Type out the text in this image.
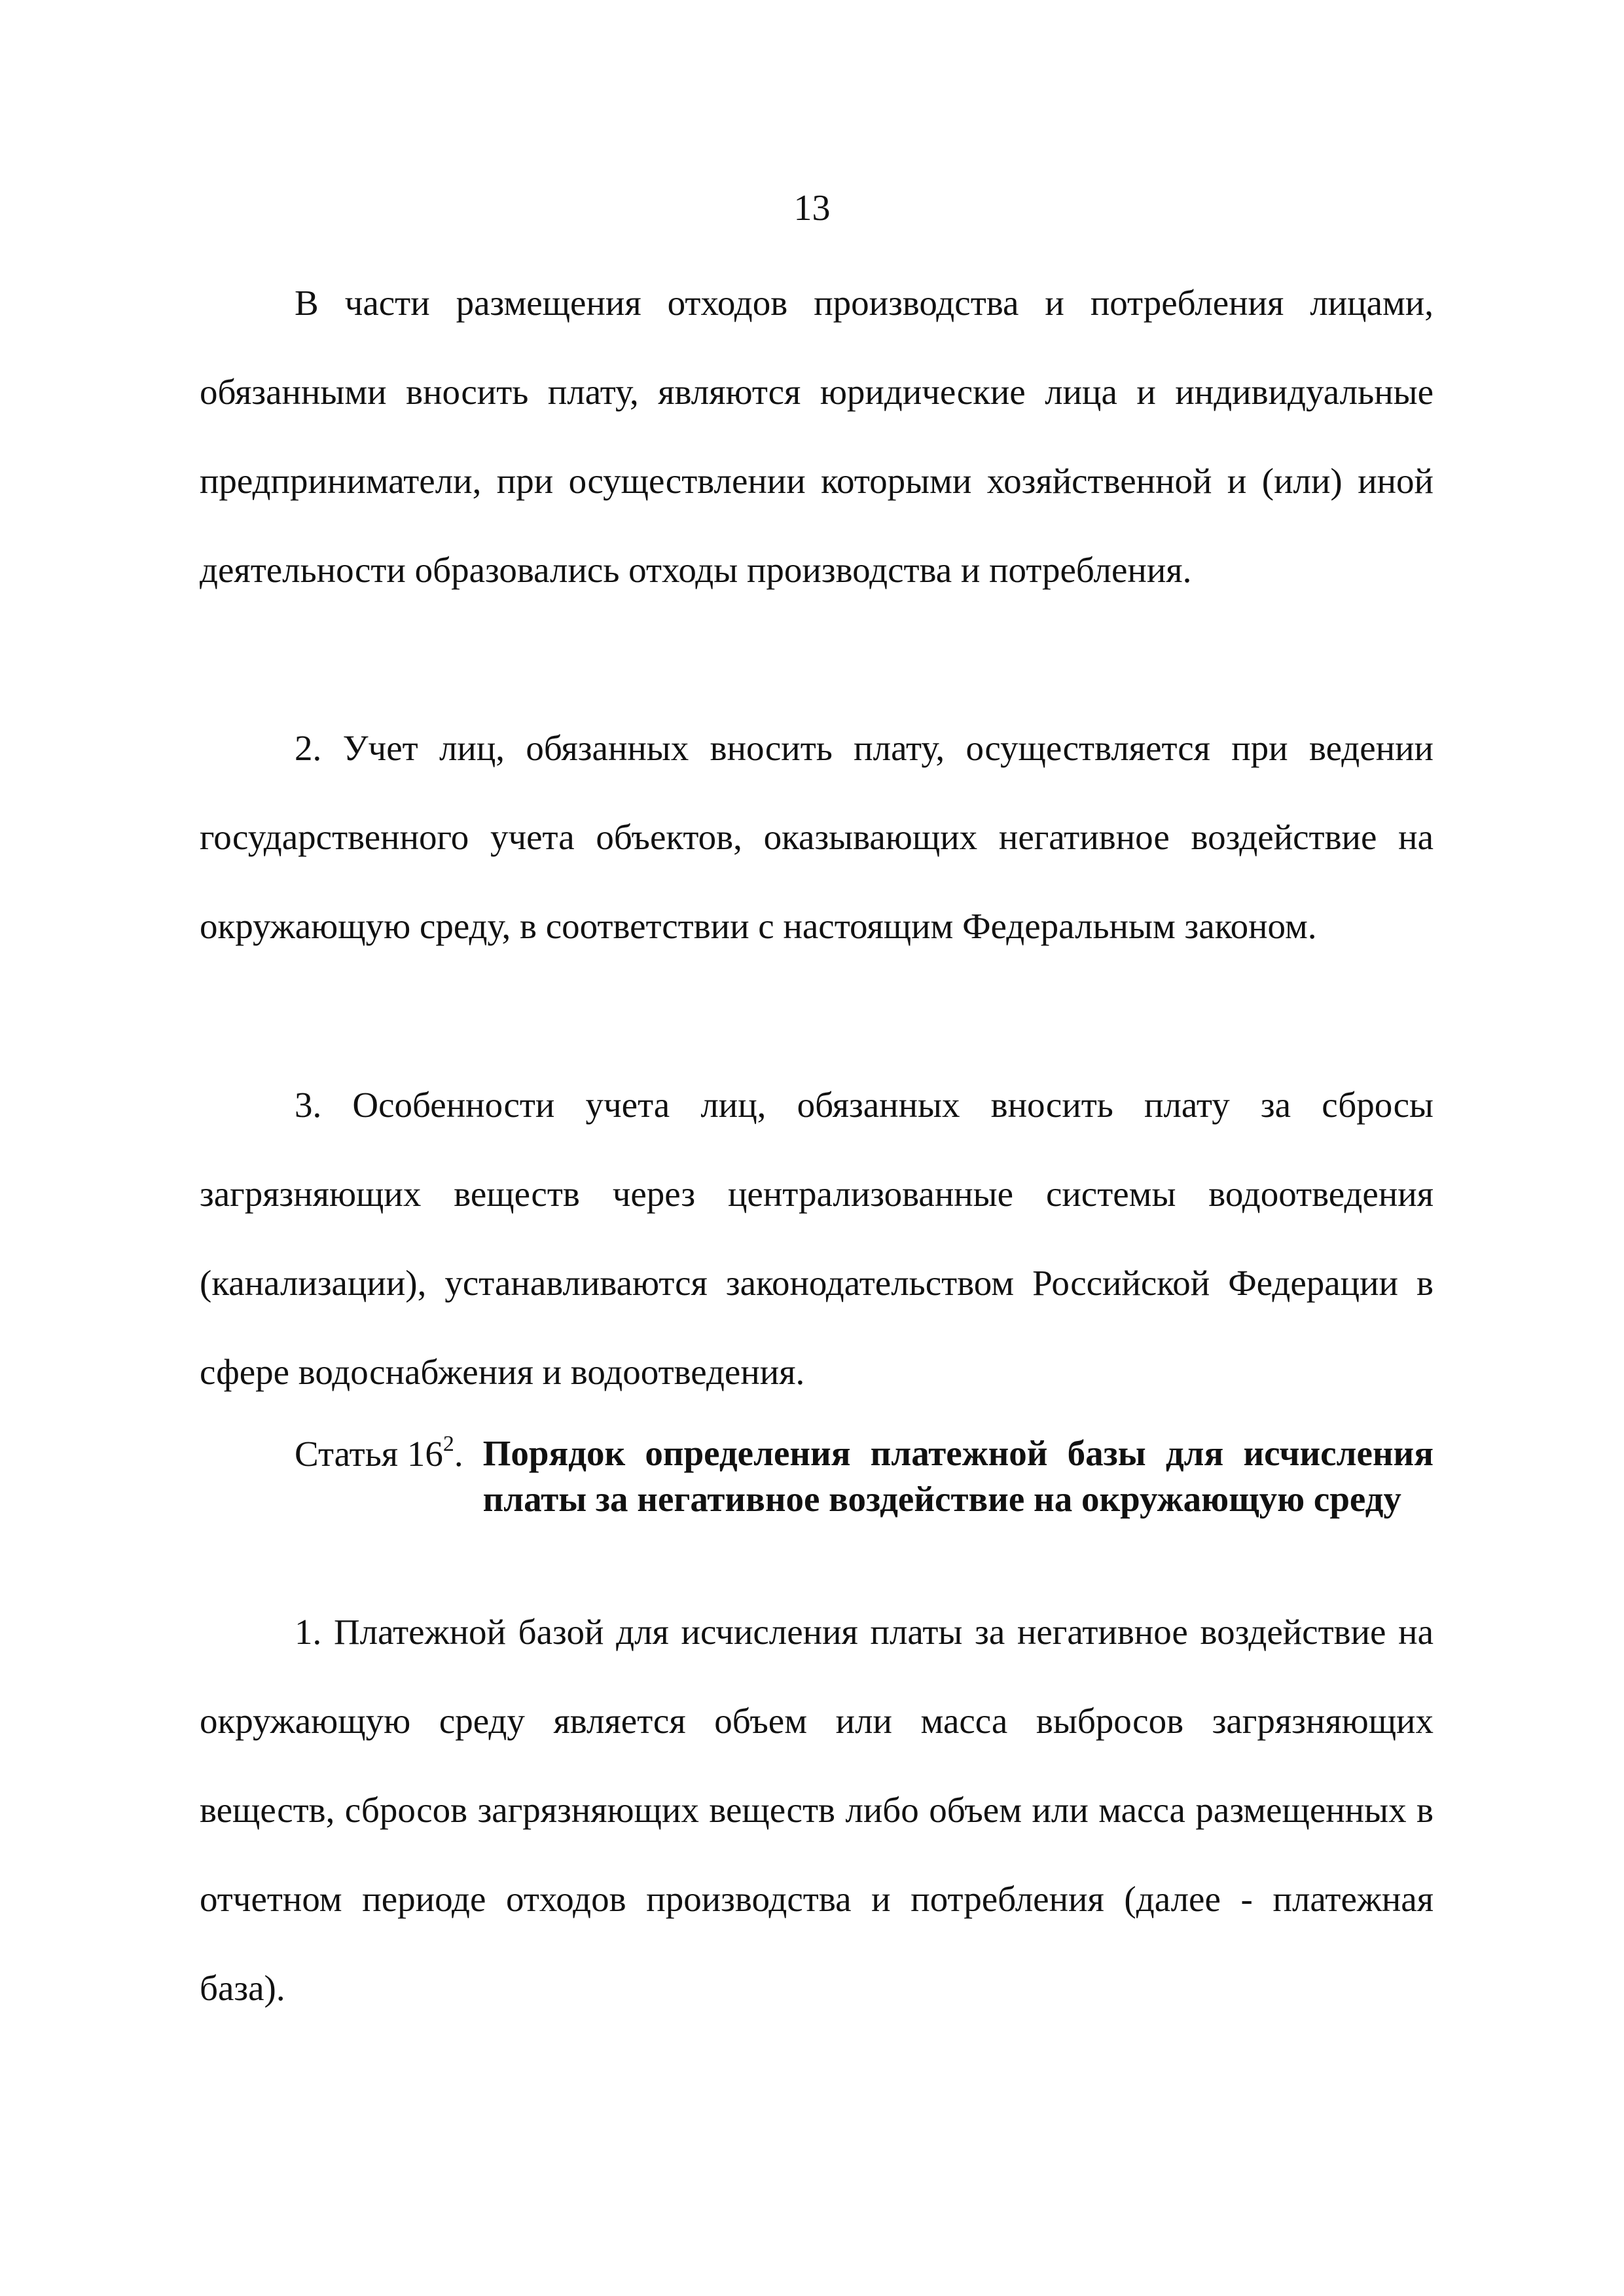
13

В части размещения отходов производства и потребления лицами, обязанными вносить плату, являются юридические лица и индивидуальные предприниматели, при осуществлении которыми хозяйственной и (или) иной деятельности образовались отходы производства и потребления.

2. Учет лиц, обязанных вносить плату, осуществляется при ведении государственного учета объектов, оказывающих негативное воздействие на окружающую среду, в соответствии с настоящим Федеральным законом.

3. Особенности учета лиц, обязанных вносить плату за сбросы загрязняющих веществ через централизованные системы водоотведения (канализации), устанавливаются законодательством Российской Федерации в сфере водоснабжения и водоотведения.

Статья $16^2$. Порядок определения платежной базы для исчисления платы за негативное воздействие на окружающую среду

1. Платежной базой для исчисления платы за негативное воздействие на окружающую среду является объем или масса выбросов загрязняющих веществ, сбросов загрязняющих веществ либо объем или масса размещенных в отчетном периоде отходов производства и потребления (далее - платежная база).
